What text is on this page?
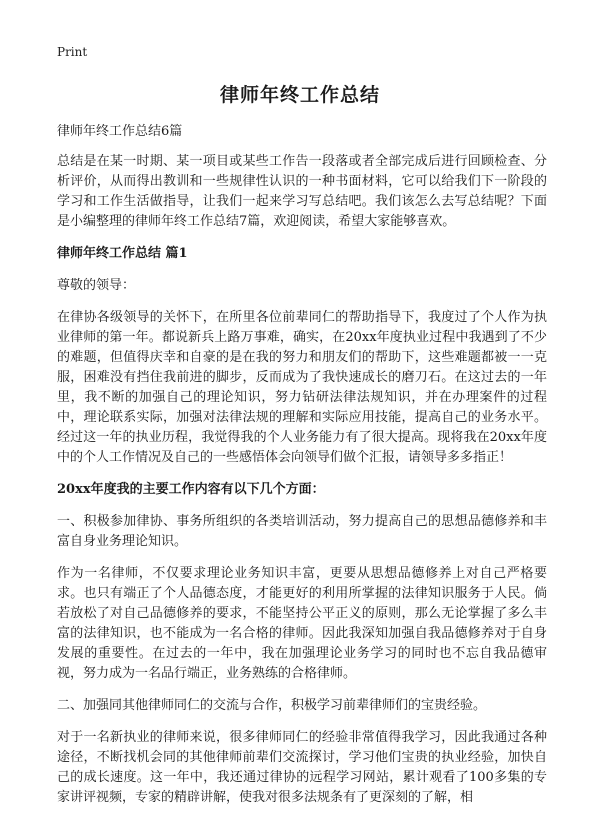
Print
律师年终工作总结

律师年终工作总结6篇

总结是在某一时期、某一项目或某些工作告一段落或者全部完成后进行回顾检查、分析评价，从而得出教训和一些规律性认识的一种书面材料，它可以给我们下一阶段的学习和工作生活做指导，让我们一起来学习写总结吧。我们该怎么去写总结呢？下面是小编整理的律师年终工作总结7篇，欢迎阅读，希望大家能够喜欢。

律师年终工作总结 篇1

尊敬的领导：

在律协各级领导的关怀下，在所里各位前辈同仁的帮助指导下，我度过了个人作为执业律师的第一年。都说新兵上路万事难，确实，在20xx年度执业过程中我遇到了不少的难题，但值得庆幸和自豪的是在我的努力和朋友们的帮助下，这些难题都被一一克服，困难没有挡住我前进的脚步，反而成为了我快速成长的磨刀石。在这过去的一年里，我不断的加强自己的理论知识，努力钻研法律法规知识，并在办理案件的过程中，理论联系实际，加强对法律法规的理解和实际应用技能，提高自己的业务水平。经过这一年的执业历程，我觉得我的个人业务能力有了很大提高。现将我在20xx年度中的个人工作情况及自己的一些感悟体会向领导们做个汇报，请领导多多指正！

20xx年度我的主要工作内容有以下几个方面：

一、积极参加律协、事务所组织的各类培训活动，努力提高自己的思想品德修养和丰富自身业务理论知识。

作为一名律师，不仅要求理论业务知识丰富，更要从思想品德修养上对自己严格要求。也只有端正了个人品德态度，才能更好的利用所掌握的法律知识服务于人民。倘若放松了对自己品德修养的要求，不能坚持公平正义的原则，那么无论掌握了多么丰富的法律知识，也不能成为一名合格的律师。因此我深知加强自我品德修养对于自身发展的重要性。在过去的一年中，我在加强理论业务学习的同时也不忘自我品德审视，努力成为一名品行端正，业务熟练的合格律师。

二、加强同其他律师同仁的交流与合作，积极学习前辈律师们的宝贵经验。

对于一名新执业的律师来说，很多律师同仁的经验非常值得我学习，因此我通过各种途径，不断找机会同的其他律师前辈们交流探讨，学习他们宝贵的执业经验，加快自己的成长速度。这一年中，我还通过律协的远程学习网站，累计观看了100多集的专家讲评视频，专家的精辟讲解，使我对很多法规条有了更深刻的了解，相
